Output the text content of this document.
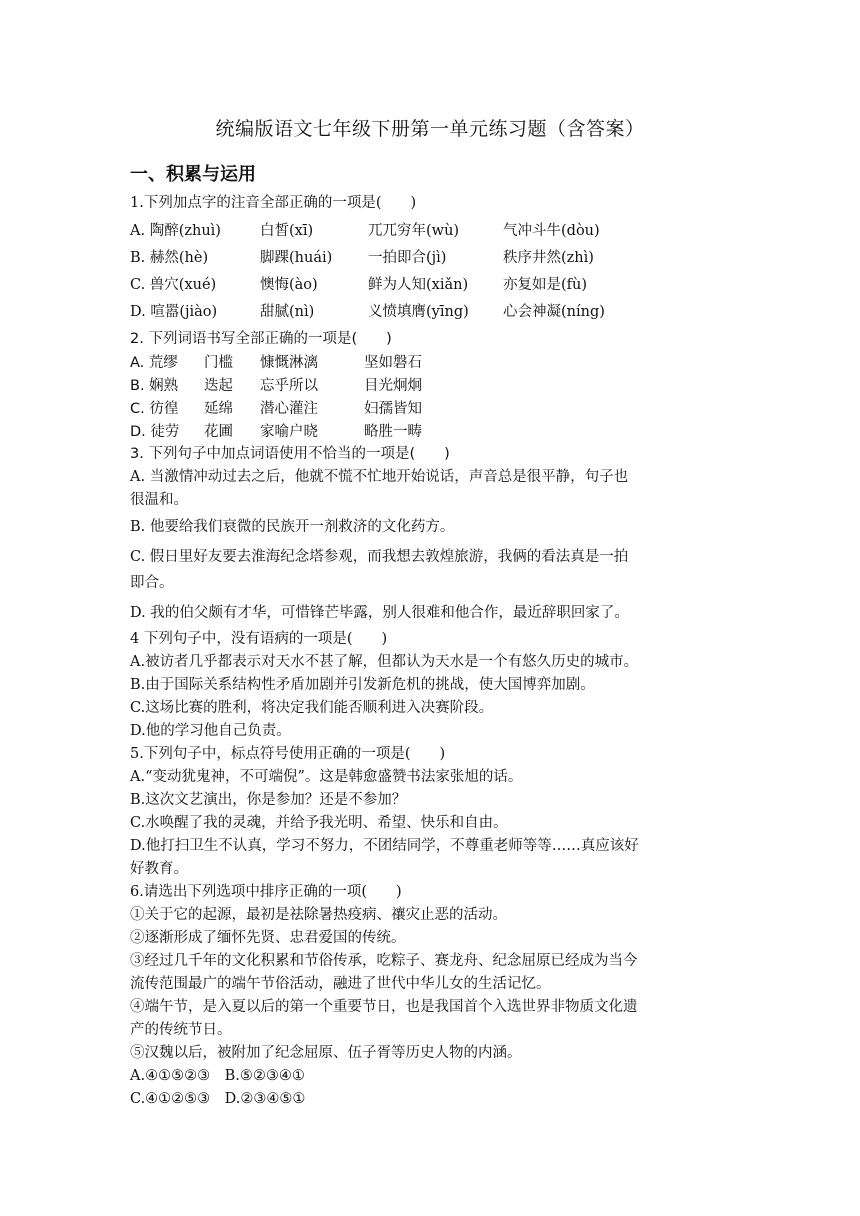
统编版语文七年级下册第一单元练习题（含答案）
一、积累与运用
1.下列加点字的注音全部正确的一项是(　　)
A. 陶醉(zhuì)	白皙(xī)	兀兀穷年(wù)	气冲斗牛(dòu)
B. 赫然(hè)	脚踝(huái) 一拍即合(jì)	秩序井然(zhì)
C. 兽穴(xué)	懊悔(ào)	鲜为人知(xiǎn) 亦复如是(fù)
D. 喧嚣(jiào)	甜腻(nì)	义愤填膺(yīng) 心会神凝(níng)
2. 下列词语书写全部正确的一项是(　　)
A. 荒缪 门槛 慷慨淋漓	坚如磐石
B. 娴熟 迭起 忘乎所以	目光炯炯
C. 彷徨 延绵 潜心灌注	妇孺皆知
D. 徒劳 花圃 家喻户晓	略胜一畴
3. 下列句子中加点词语使用不恰当的一项是(　　)
A. 当激情冲动过去之后，他就不慌不忙地开始说话，声音总是很平静，句子也
很温和。
B. 他要给我们衰微的民族开一剂救济的文化药方。
C. 假日里好友要去淮海纪念塔参观，而我想去敦煌旅游，我俩的看法真是一拍
即合。
D. 我的伯父颇有才华，可惜锋芒毕露，别人很难和他合作，最近辞职回家了。
4 下列句子中，没有语病的一项是(　　)
A.被访者几乎都表示对天水不甚了解，但都认为天水是一个有悠久历史的城市。
B.由于国际关系结构性矛盾加剧并引发新危机的挑战，使大国博弈加剧。
C.这场比赛的胜利，将决定我们能否顺利进入决赛阶段。
D.他的学习他自己负责。
5.下列句子中，标点符号使用正确的一项是(　　)
A.“变动犹鬼神，不可端倪”。这是韩愈盛赞书法家张旭的话。
B.这次文艺演出，你是参加？还是不参加？
C.水唤醒了我的灵魂，并给予我光明、希望、快乐和自由。
D.他打扫卫生不认真，学习不努力，不团结同学，不尊重老师等等……真应该好
好教育。
6.请选出下列选项中排序正确的一项(　　)
①关于它的起源，最初是祛除暑热疫病、禳灾止恶的活动。
②逐渐形成了缅怀先贤、忠君爱国的传统。
③经过几千年的文化积累和节俗传承，吃粽子、赛龙舟、纪念屈原已经成为当今
流传范围最广的端午节俗活动，融进了世代中华儿女的生活记忆。
④端午节，是入夏以后的第一个重要节日，也是我国首个入选世界非物质文化遗
产的传统节日。
⑤汉魏以后，被附加了纪念屈原、伍子胥等历史人物的内涵。
A.④①⑤②③　B.⑤②③④①
C.④①②⑤③　D.②③④⑤①
